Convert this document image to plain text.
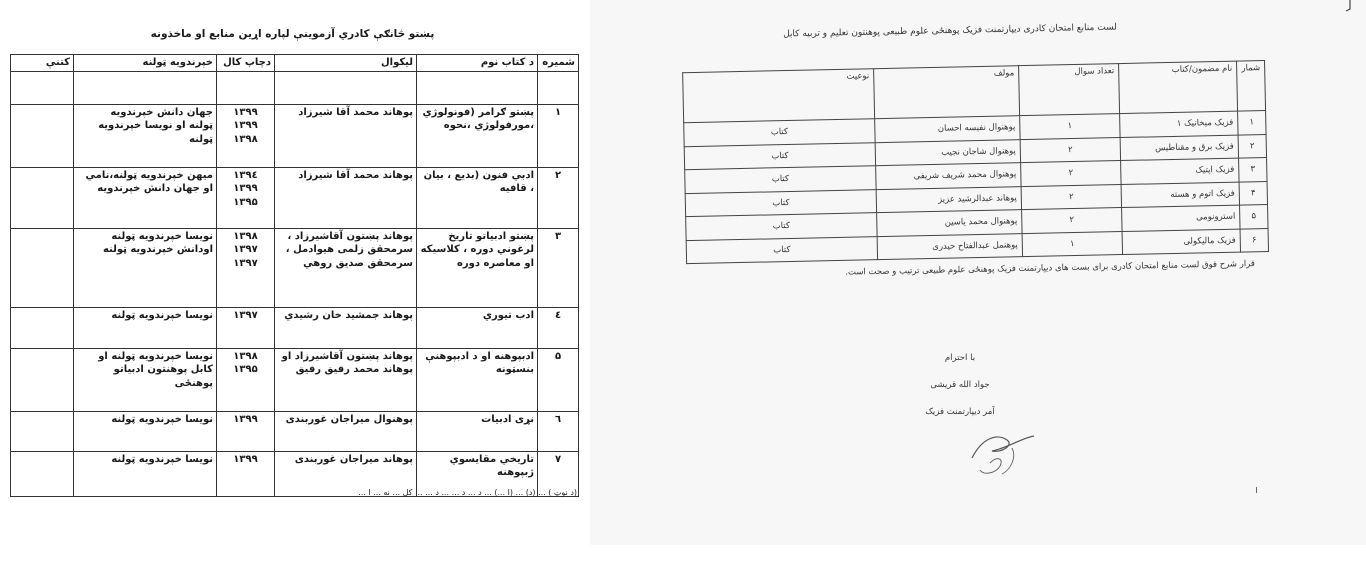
پښتو څانګې کادري آزموینې لپاره اړین منابع او ماخذونه
شمیره	د کتاب نوم	لیکوال	دچاپ کال	خپرندویه ټولنه	کتنې

۱	پښتو ګرامر (فونولوژي ،مورفولوژي ،نحوه	پوهاند محمد آقا شیرزاد	۱۳۹۹
۱۳۹۹
۱۳۹۸	جهان دانش خپرندویه
ټولنه او نویسا خپرندویه
ټولنه	
۲	ادبي فنون (بدیع ، بیان ، قافیه	پوهاند محمد آقا شیرزاد	۱۳۹٤
۱۳۹۹
۱۳۹۵	میهن خپرندویه ټولنه،نامي
او جهان دانش خپرندویه	
۳	پښتو ادبیاتو تاریخ لرغوني دوره ، کلاسیکه او معاصره دوره	پوهاند پښتون آقاشیرزاد ،
سرمحقق زلمی هیوادمل ،
سرمحقق صدیق روهي	۱۳۹۸
۱۳۹۷
۱۳۹۷	نویسا خپرندویه ټولنه
اودانش خپرندویه ټولنه	
٤	ادب تیوري	پوهاند جمشید خان رشیدي	۱۳۹۷	نویسا خپرندویه ټولنه	
۵	ادبپوهنه او د ادبپوهنې بنسټونه	پوهاند پښتون آقاشیرزاد او
پوهاند محمد رفیق رفیق	۱۳۹۸
۱۳۹۵	نویسا خپرندویه ټولنه او
کابل پوهنتون ادبیاتو
پوهنځی	
٦	نړی ادبیات	پوهنوال میراجان غوربندی	۱۳۹۹	نویسا خپرندویه ټولنه	
۷	تاریخي مقایسوي ژبپوهنه	پوهاند میراجان غوربندی	۱۳۹۹	نویسا خپرندویه ټولنه	
(د نوټ ) ... (د) ... (ا ...) ... د ... د ... ... د ... ... کل ... نه ... ا ...
لست منابع امتحان کادری دیپارتمنت فزیک پوهنځی علوم طبیعی پوهنتون تعلیم و تربیه کابل
شمار	نام مضمون/کتاب	تعداد سوال	مولف	نوعیت
۱	فزیک میخانیک ۱	۱	پوهنوال نفیسه احسان	کتاب
۲	فزیک برق و مقناطیس	۲	پوهنوال شاجان نجیب	کتاب
۳	فزیک اپتیک	۲	پوهنوال محمد شریف شریفی	کتاب
۴	فزیک اتوم و هسته	۲	پوهاند عبدالرشید عزیز	کتاب
۵	استرونومی	۲	پوهنوال محمد یاسین	کتاب
۶	فزیک مالیکولی	۱	پوهنمل عبدالفتاح حیدری	کتاب
قرار شرح فوق لست منابع امتحان کادری برای بست های دیپارتمنت فزیک پوهنځی علوم طبیعی ترتیب و صحت است.
با احترام
جواد الله قریشی
آمر دیپارتمنت فزیک
